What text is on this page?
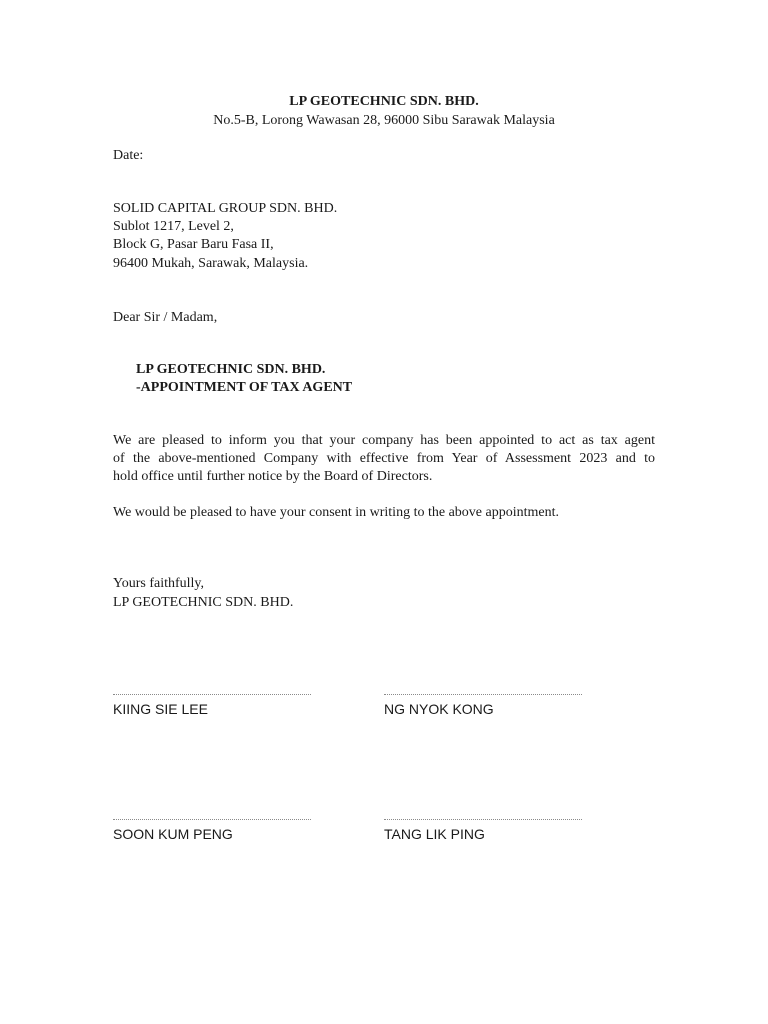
LP GEOTECHNIC SDN. BHD.
No.5-B, Lorong Wawasan 28, 96000 Sibu Sarawak Malaysia
Date:
SOLID CAPITAL GROUP SDN. BHD.
Sublot 1217, Level 2,
Block G, Pasar Baru Fasa II,
96400 Mukah, Sarawak, Malaysia.
Dear Sir / Madam,
LP GEOTECHNIC SDN. BHD.
-APPOINTMENT OF TAX AGENT
We are pleased to inform you that your company has been appointed to act as tax agent
of the above-mentioned Company with effective from Year of Assessment 2023 and to
hold office until further notice by the Board of Directors.
We would be pleased to have your consent in writing to the above appointment.
Yours faithfully,
LP GEOTECHNIC SDN. BHD.
KIING SIE LEE	NG NYOK KONG
SOON KUM PENG	TANG LIK PING
